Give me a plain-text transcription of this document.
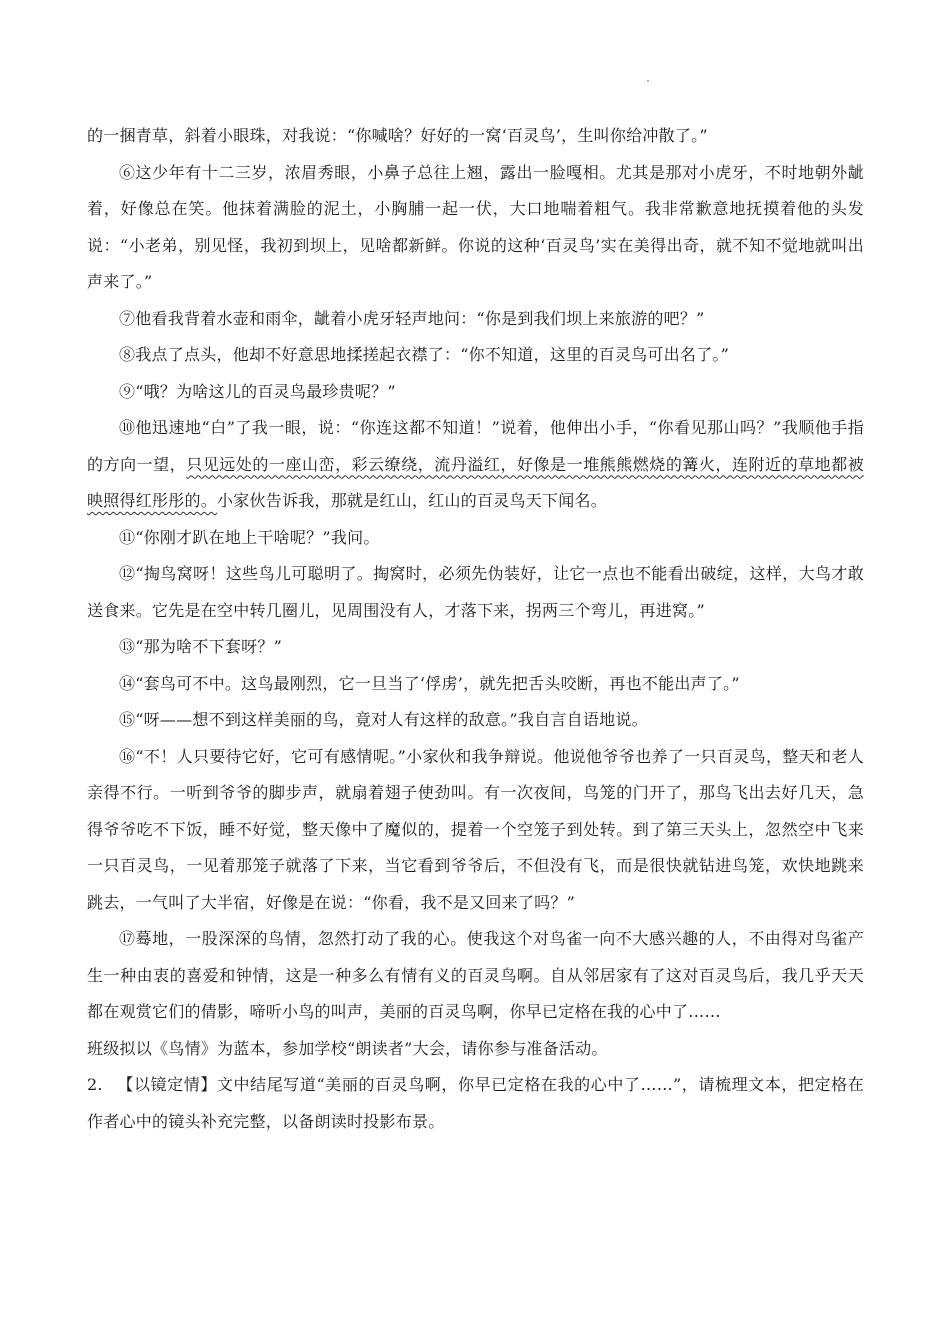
的一捆青草，斜着小眼珠，对我说：“你喊啥？好好的一窝‘百灵鸟’，生叫你给冲散了。”

⑥这少年有十二三岁，浓眉秀眼，小鼻子总往上翘，露出一脸嘎相。尤其是那对小虎牙，不时地朝外龇着，好像总在笑。他抹着满脸的泥土，小胸脯一起一伏，大口地喘着粗气。我非常歉意地抚摸着他的头发说：“小老弟，别见怪，我初到坝上，见啥都新鲜。你说的这种‘百灵鸟’实在美得出奇，就不知不觉地就叫出声来了。”

⑦他看我背着水壶和雨伞，龇着小虎牙轻声地问：“你是到我们坝上来旅游的吧？”

⑧我点了点头，他却不好意思地揉搓起衣襟了：“你不知道，这里的百灵鸟可出名了。”

⑨“哦？为啥这儿的百灵鸟最珍贵呢？”

⑩他迅速地“白”了我一眼，说：“你连这都不知道！”说着，他伸出小手，“你看见那山吗？”我顺他手指的方向一望，只见远处的一座山峦，彩云缭绕，流丹溢红，好像是一堆熊熊燃烧的篝火，连附近的草地都被映照得红彤彤的。小家伙告诉我，那就是红山，红山的百灵鸟天下闻名。

⑪“你刚才趴在地上干啥呢？”我问。

⑫“掏鸟窝呀！这些鸟儿可聪明了。掏窝时，必须先伪装好，让它一点也不能看出破绽，这样，大鸟才敢送食来。它先是在空中转几圈儿，见周围没有人，才落下来，拐两三个弯儿，再进窝。”

⑬“那为啥不下套呀？”

⑭“套鸟可不中。这鸟最刚烈，它一旦当了‘俘虏’，就先把舌头咬断，再也不能出声了。”

⑮“呀——想不到这样美丽的鸟，竟对人有这样的敌意。”我自言自语地说。

⑯“不！人只要待它好，它可有感情呢。”小家伙和我争辩说。他说他爷爷也养了一只百灵鸟，整天和老人亲得不行。一听到爷爷的脚步声，就扇着翅子使劲叫。有一次夜间，鸟笼的门开了，那鸟飞出去好几天，急得爷爷吃不下饭，睡不好觉，整天像中了魔似的，提着一个空笼子到处转。到了第三天头上，忽然空中飞来一只百灵鸟，一见着那笼子就落了下来，当它看到爷爷后，不但没有飞，而是很快就钻进鸟笼，欢快地跳来跳去，一气叫了大半宿，好像是在说：“你看，我不是又回来了吗？”

⑰蓦地，一股深深的鸟情，忽然打动了我的心。使我这个对鸟雀一向不大感兴趣的人，不由得对鸟雀产生一种由衷的喜爱和钟情，这是一种多么有情有义的百灵鸟啊。自从邻居家有了这对百灵鸟后，我几乎天天都在观赏它们的倩影，啼听小鸟的叫声，美丽的百灵鸟啊，你早已定格在我的心中了……

班级拟以《鸟情》为蓝本，参加学校“朗读者”大会，请你参与准备活动。

2. 【以镜定情】文中结尾写道“美丽的百灵鸟啊，你早已定格在我的心中了……”，请梳理文本，把定格在作者心中的镜头补充完整，以备朗读时投影布景。
